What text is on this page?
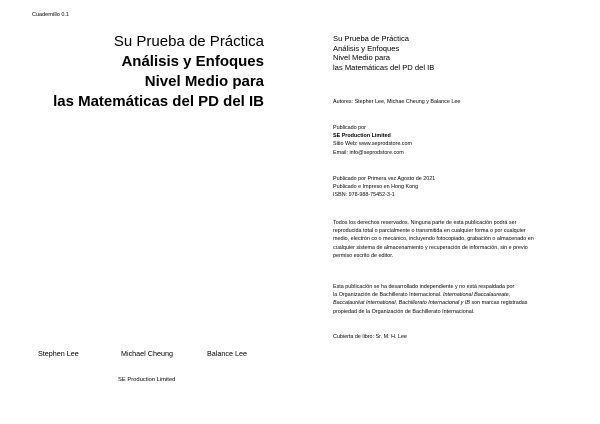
Cuadernillo 0.1
Su Prueba de Práctica
Análisis y Enfoques
Nivel Medio para
las Matemáticas del PD del IB
Stephen Lee	Michael Cheung	Balance Lee
SE Production Limited
Su Prueba de Práctica
Análisis y Enfoques
Nivel Medio para
las Matemáticas del PD del IB
Autores: Stepher Lee, Michae Cheung y Balance Lee
Publicado por
SE Production Limited
Sitio Web: www.seprodstore.com
Email: info@seprodstore.com
Publicado por Primera vez Agosto de 2021
Publicado e Impreso en Hong Kong
ISBN: 978-988-75452-3-1
Todos los derechos reservados. Ninguna parte de esta publicación podrá ser
reproducida total o parcialmente o transmitida en cualquier forma o por cualquier
medio, electrón co o mecánico, incluyendo fotocopiado, grabación o almacenado en
cualquier sistema de almacenamiento y recuperación de información, sin e previo
permiso escrito de editor.
Esta publicación se ha desarrollado independiente y no está respaldada por
la Organización de Bachillerato Internacional. International Baccalaureate,
Baccalauréat International, Bachillerato Internacional y IB son marcas registradas
propiedad de la Organización de Bachillerato Internacional.
Cubierta de libro: Sr. M. H. Lee
